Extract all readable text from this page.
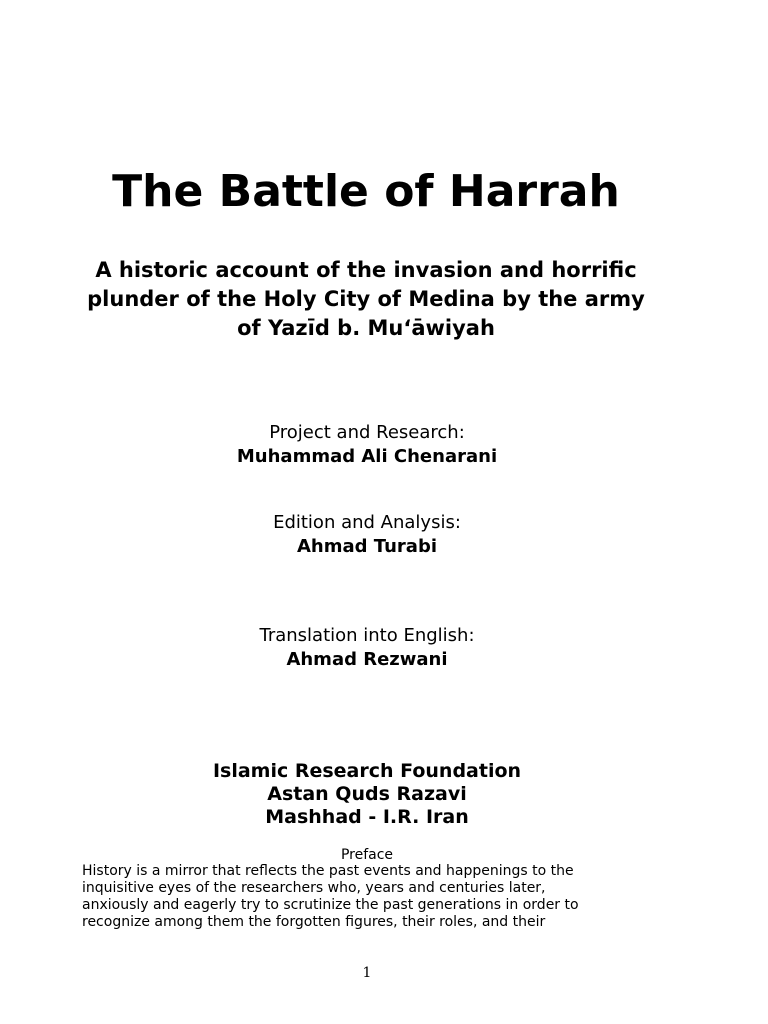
The Battle of Harrah
A historic account of the invasion and horrific plunder of the Holy City of Medina by the army of Yazīd b. Mu‘āwiyah
Project and Research:
Muhammad Ali Chenarani
Edition and Analysis:
Ahmad Turabi
Translation into English:
Ahmad Rezwani
Islamic Research Foundation
Astan Quds Razavi
Mashhad - I.R. Iran
Preface
History is a mirror that reflects the past events and happenings to the
inquisitive eyes of the researchers who, years and centuries later,
anxiously and eagerly try to scrutinize the past generations in order to
recognize among them the forgotten figures, their roles, and their
1
